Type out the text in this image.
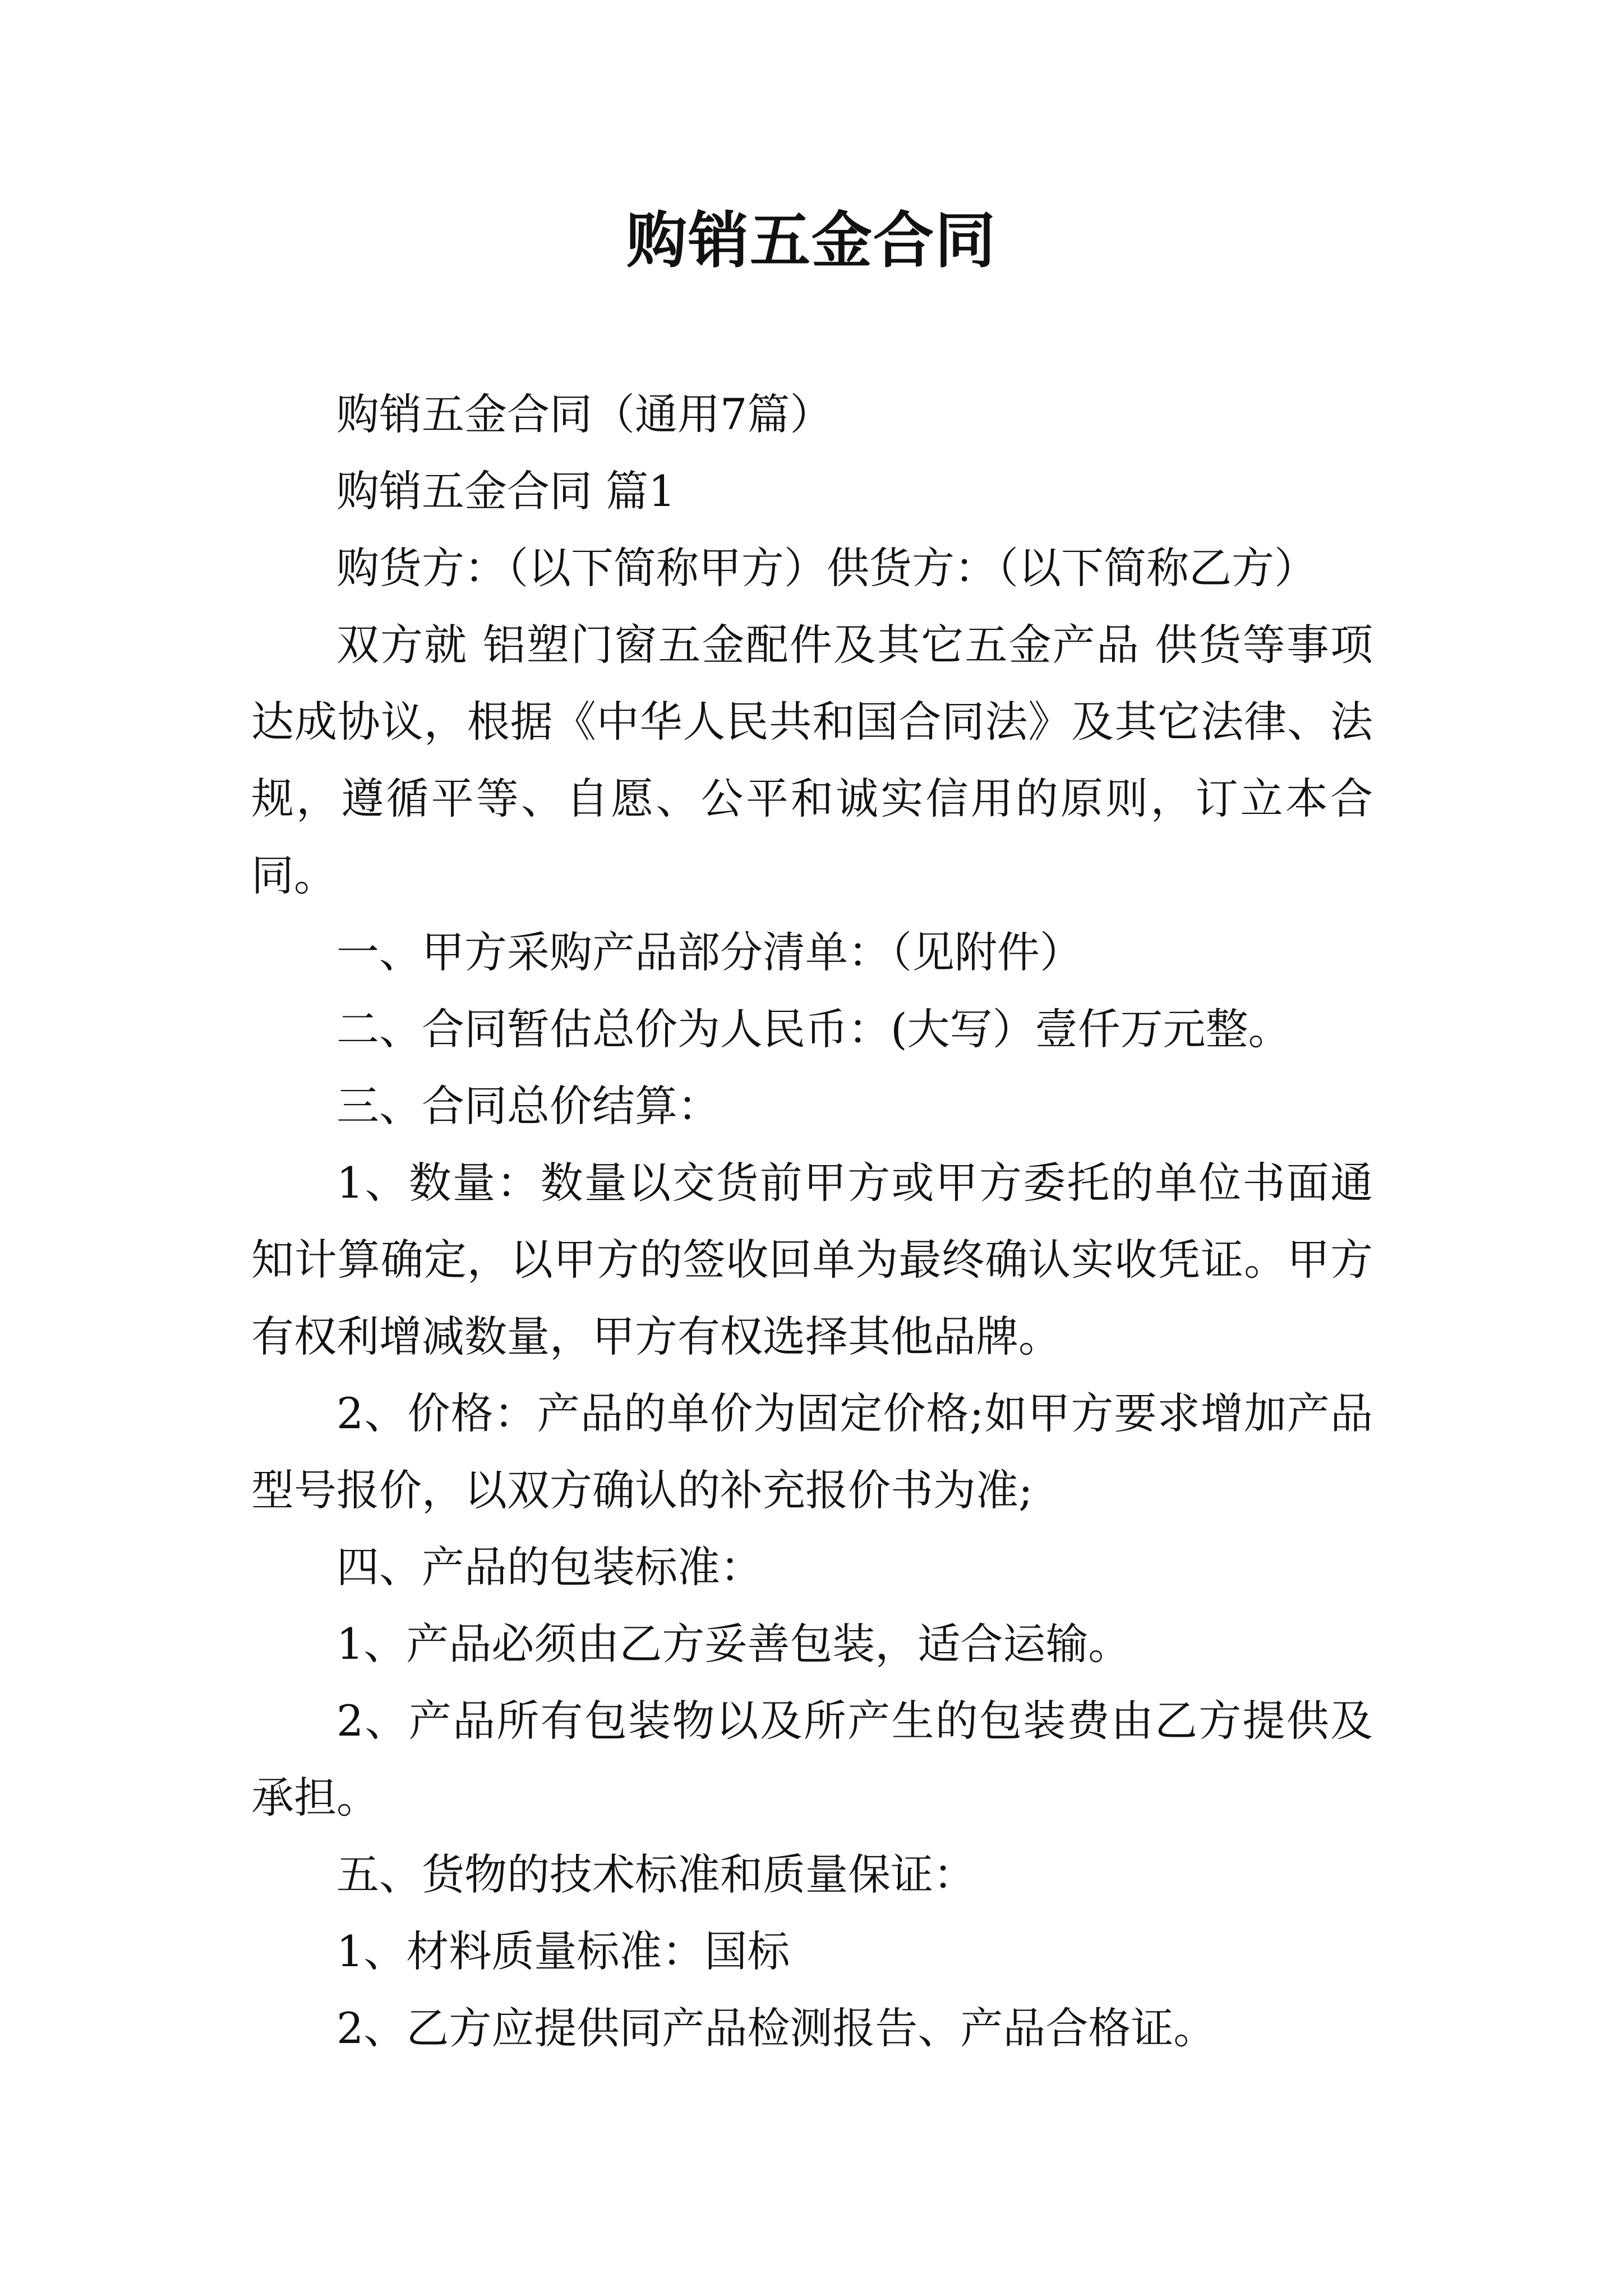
购销五金合同

购销五金合同（通用7篇）

购销五金合同 篇1

购货方：（以下简称甲方）供货方：（以下简称乙方）

双方就 铝塑门窗五金配件及其它五金产品 供货等事项达成协议，根据《中华人民共和国合同法》及其它法律、法规，遵循平等、自愿、公平和诚实信用的原则，订立本合同。

一、甲方采购产品部分清单：（见附件）

二、合同暂估总价为人民币：(大写）壹仟万元整。

三、合同总价结算：

1、数量：数量以交货前甲方或甲方委托的单位书面通知计算确定，以甲方的签收回单为最终确认实收凭证。甲方有权利增减数量，甲方有权选择其他品牌。

2、价格：产品的单价为固定价格;如甲方要求增加产品型号报价，以双方确认的补充报价书为准;

四、产品的包装标准：

1、产品必须由乙方妥善包装，适合运输。

2、产品所有包装物以及所产生的包装费由乙方提供及承担。

五、货物的技术标准和质量保证：

1、材料质量标准：国标

2、乙方应提供同产品检测报告、产品合格证。
